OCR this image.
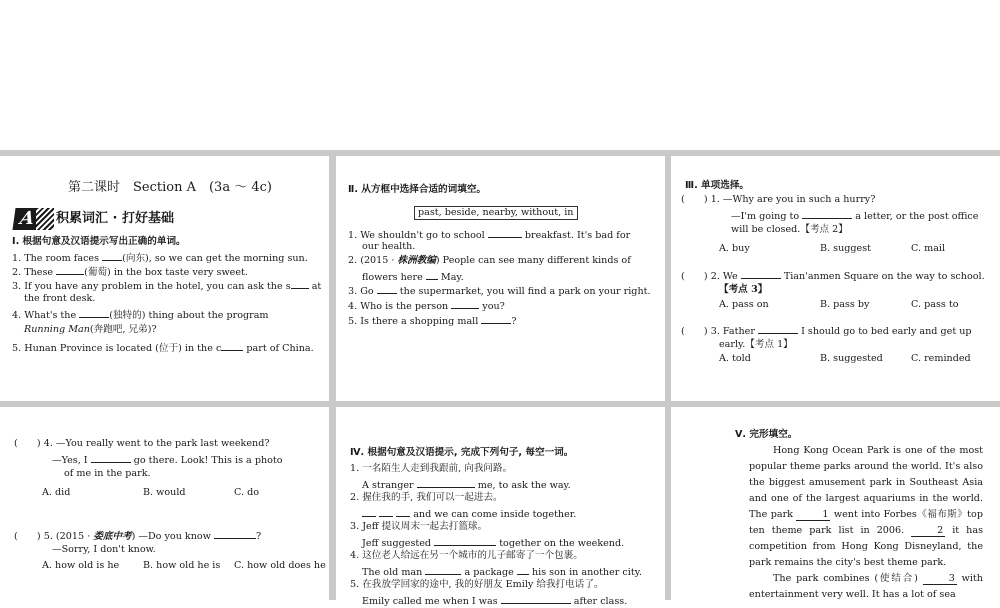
第二课时　Section A　(3a ～ 4c)
A	积累词汇 · 打好基础
Ⅰ. 根据句意及汉语提示写出正确的单词。
1. The room faces (向东), so we can get the morning sun.
2. These	(葡萄) in the box taste very sweet.
3. If you have any problem in the hotel, you can ask the s at
the front desk.
4. What's the	(独特的) thing about the program
Running Man(奔跑吧, 兄弟)?
5. Hunan Province is located (位于) in the c	part of China.
Ⅱ. 从方框中选择合适的词填空。
past, beside, nearby, without, in
1. We shouldn't go to school	breakfast. It's bad for
our health.
2. (2015 · 株洲教编) People can see many different kinds of
flowers here May.
3. Go	the supermarket, you will find a park on your right.
4. Who is the person	you?
5. Is there a shopping mall	?
Ⅲ. 单项选择。
(　　) 1. —Why are you in such a hurry?
—I'm going to	a letter, or the post office
will be closed.【考点 2】
A. buy	B. suggest	C. mail
(　　) 2. We	Tian'anmen Square on the way to school.
【考点 3】
A. pass on	B. pass by	C. pass to
(　　) 3. Father	I should go to bed early and get up
early.【考点 1】
A. told	B. suggested	C. reminded
(　　) 4. —You really went to the park last weekend?
—Yes, I	go there. Look! This is a photo
of me in the park.
A. did	B. would	C. do
(　　) 5. (2015 · 娄底中考) —Do you know	?
—Sorry, I don't know.
A. how old is he B. how old he is C. how old does he
Ⅳ. 根据句意及汉语提示, 完成下列句子, 每空一词。
1. 一名陌生人走到我跟前, 向我问路。
A stranger	me, to ask the way.
2. 握住我的手, 我们可以一起进去。
and we can come inside together.
3. Jeff 提议周末一起去打篮球。
Jeff suggested	together on the weekend.
4. 这位老人给远在另一个城市的儿子邮寄了一个包裹。
The old man	a package his son in another city.
5. 在我放学回家的途中, 我的好朋友 Emily 给我打电话了。
Emily called me when I was	after class.
Ⅴ. 完形填空。

Hong Kong Ocean Park is one of the most popular theme parks around the world. It's also the biggest amusement park in Southeast Asia and one of the largest aquariums in the world. The park	1 went into Forbes《福布斯》top ten theme park list in 2006.	2 it has competition from Hong Kong Disneyland, the park remains the city's best theme park.

The park combines (使结合)	3 with entertainment very well. It has a lot of sea
